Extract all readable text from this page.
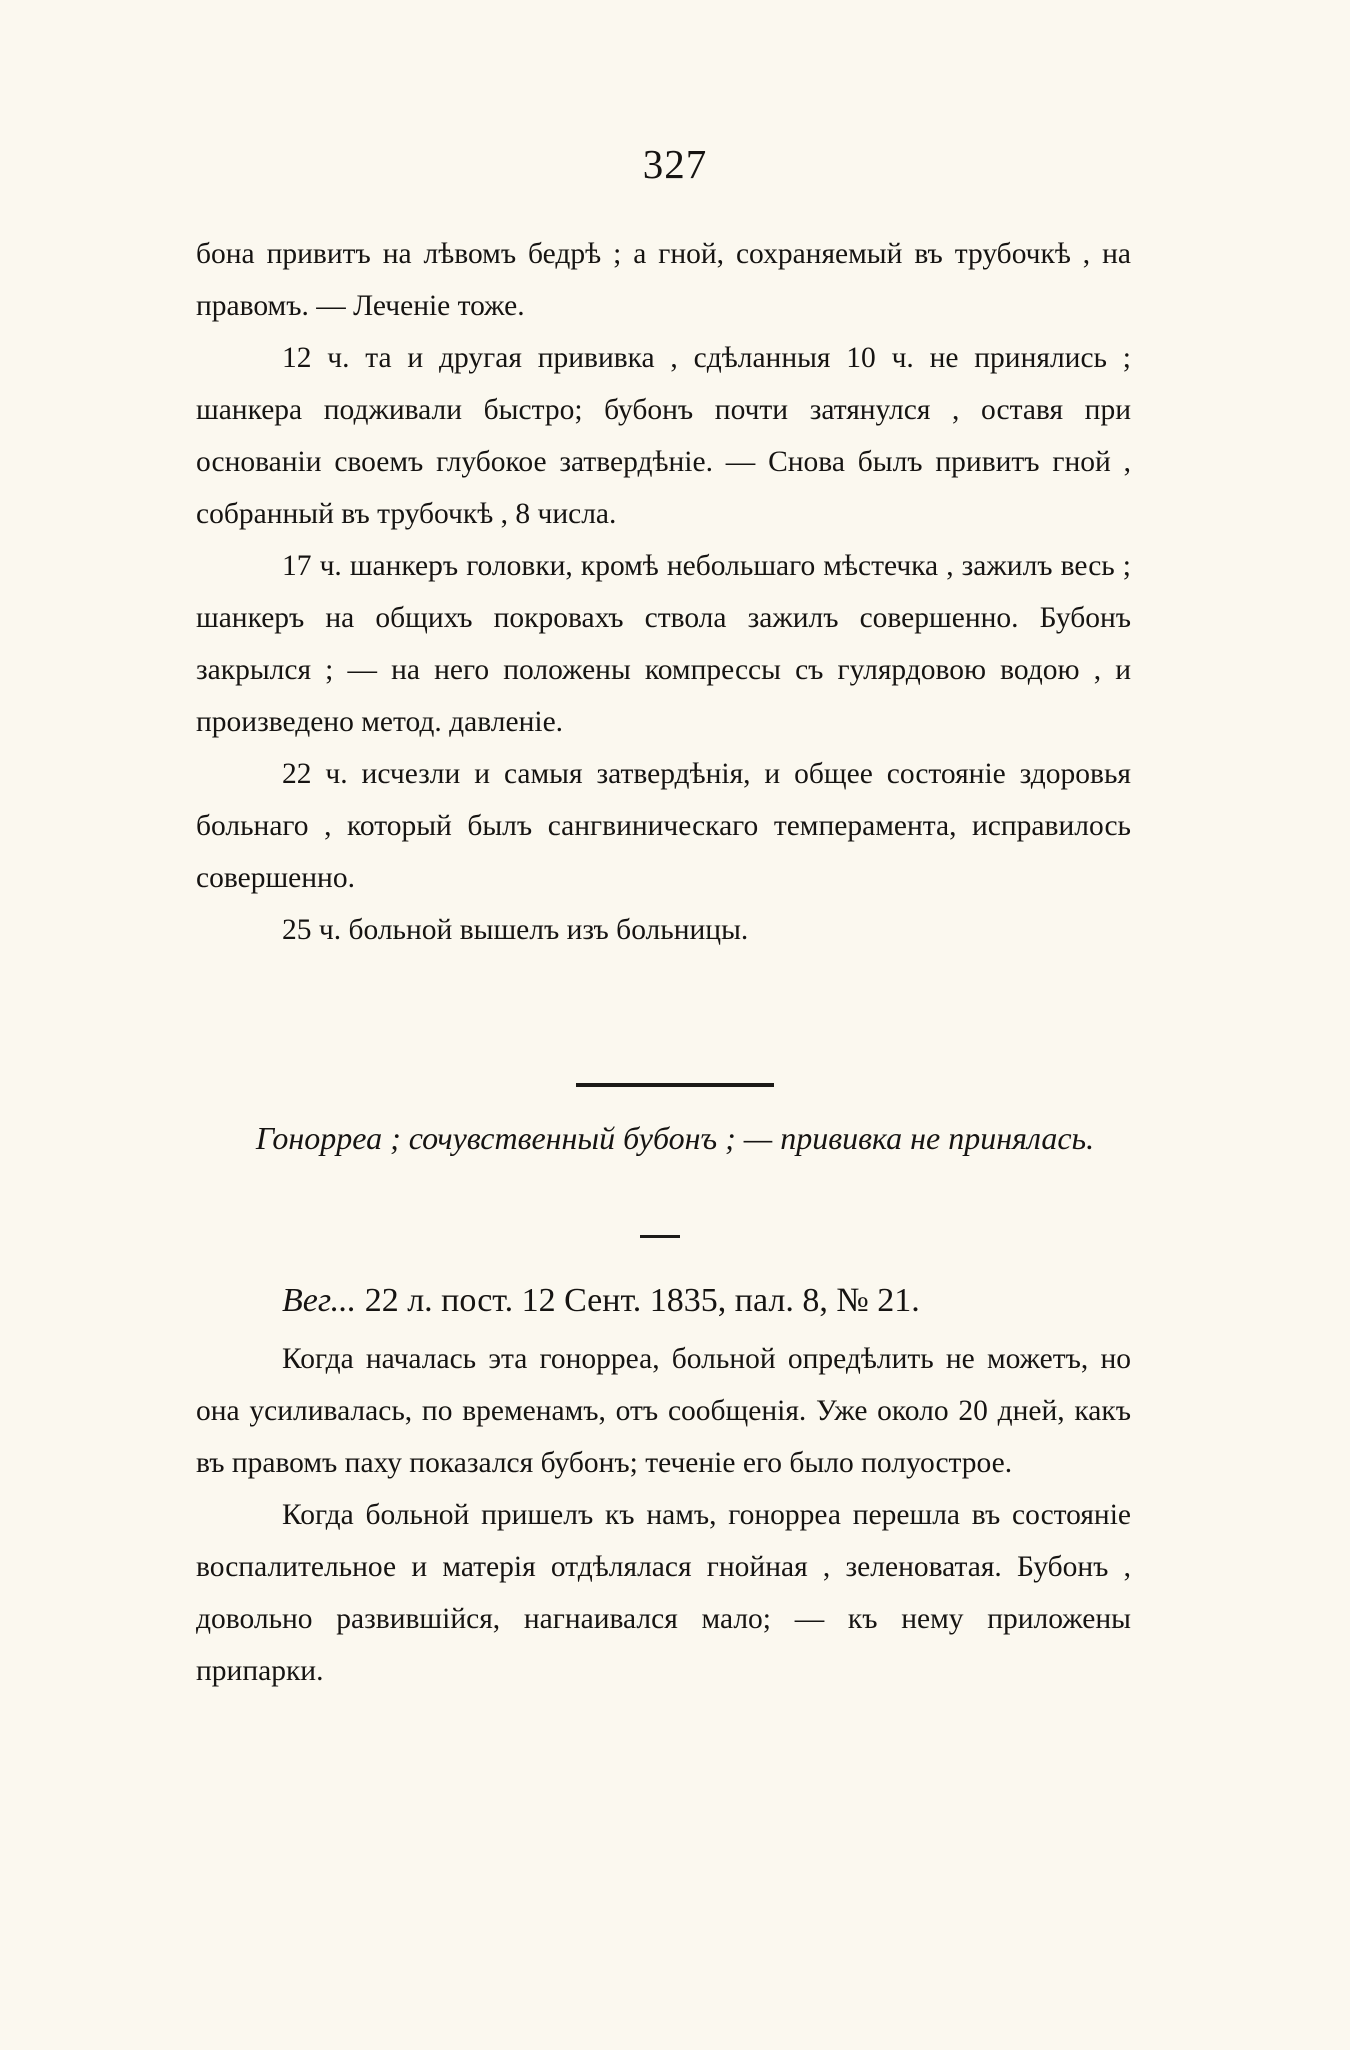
327

бона привитъ на лѣвомъ бедрѣ ; а гной, сохраняемый въ трубочкѣ , на правомъ. — Леченіе тоже.

12 ч. та и другая прививка , сдѣланныя 10 ч. не принялись ; шанкера подживали быстро; бубонъ почти затянулся , оставя при основаніи своемъ глубокое затвердѣніе. — Снова былъ привитъ гной , собранный въ трубочкѣ , 8 числа.

17 ч. шанкеръ головки, кромѣ небольшаго мѣстечка , зажилъ весь ; шанкеръ на общихъ покровахъ ствола зажилъ совершенно. Бубонъ закрылся ; — на него положены компрессы съ гулярдовою водою , и произведено метод. давленіе.

22 ч. исчезли и самыя затвердѣнія, и общее состояніе здоровья больнаго , который былъ сангвиническаго темперамента, исправилось совершенно.

25 ч. больной вышелъ изъ больницы.

Гонорреа ; сочувственный бубонъ ; — прививка не принялась.
Bег... 22 л. пост. 12 Сент. 1835, пал. 8, № 21.

Когда началась эта гонорреа, больной опредѣлить не можетъ, но она усиливалась, по временамъ, отъ сообщенія. Уже около 20 дней, какъ въ правомъ паху показался бубонъ; теченіе его было полуострое.

Когда больной пришелъ къ намъ, гонорреа перешла въ состояніе воспалительное и матерія отдѣлялася гнойная , зеленоватая. Бубонъ , довольно развившійся, нагнаивался мало; — къ нему приложены припарки.
